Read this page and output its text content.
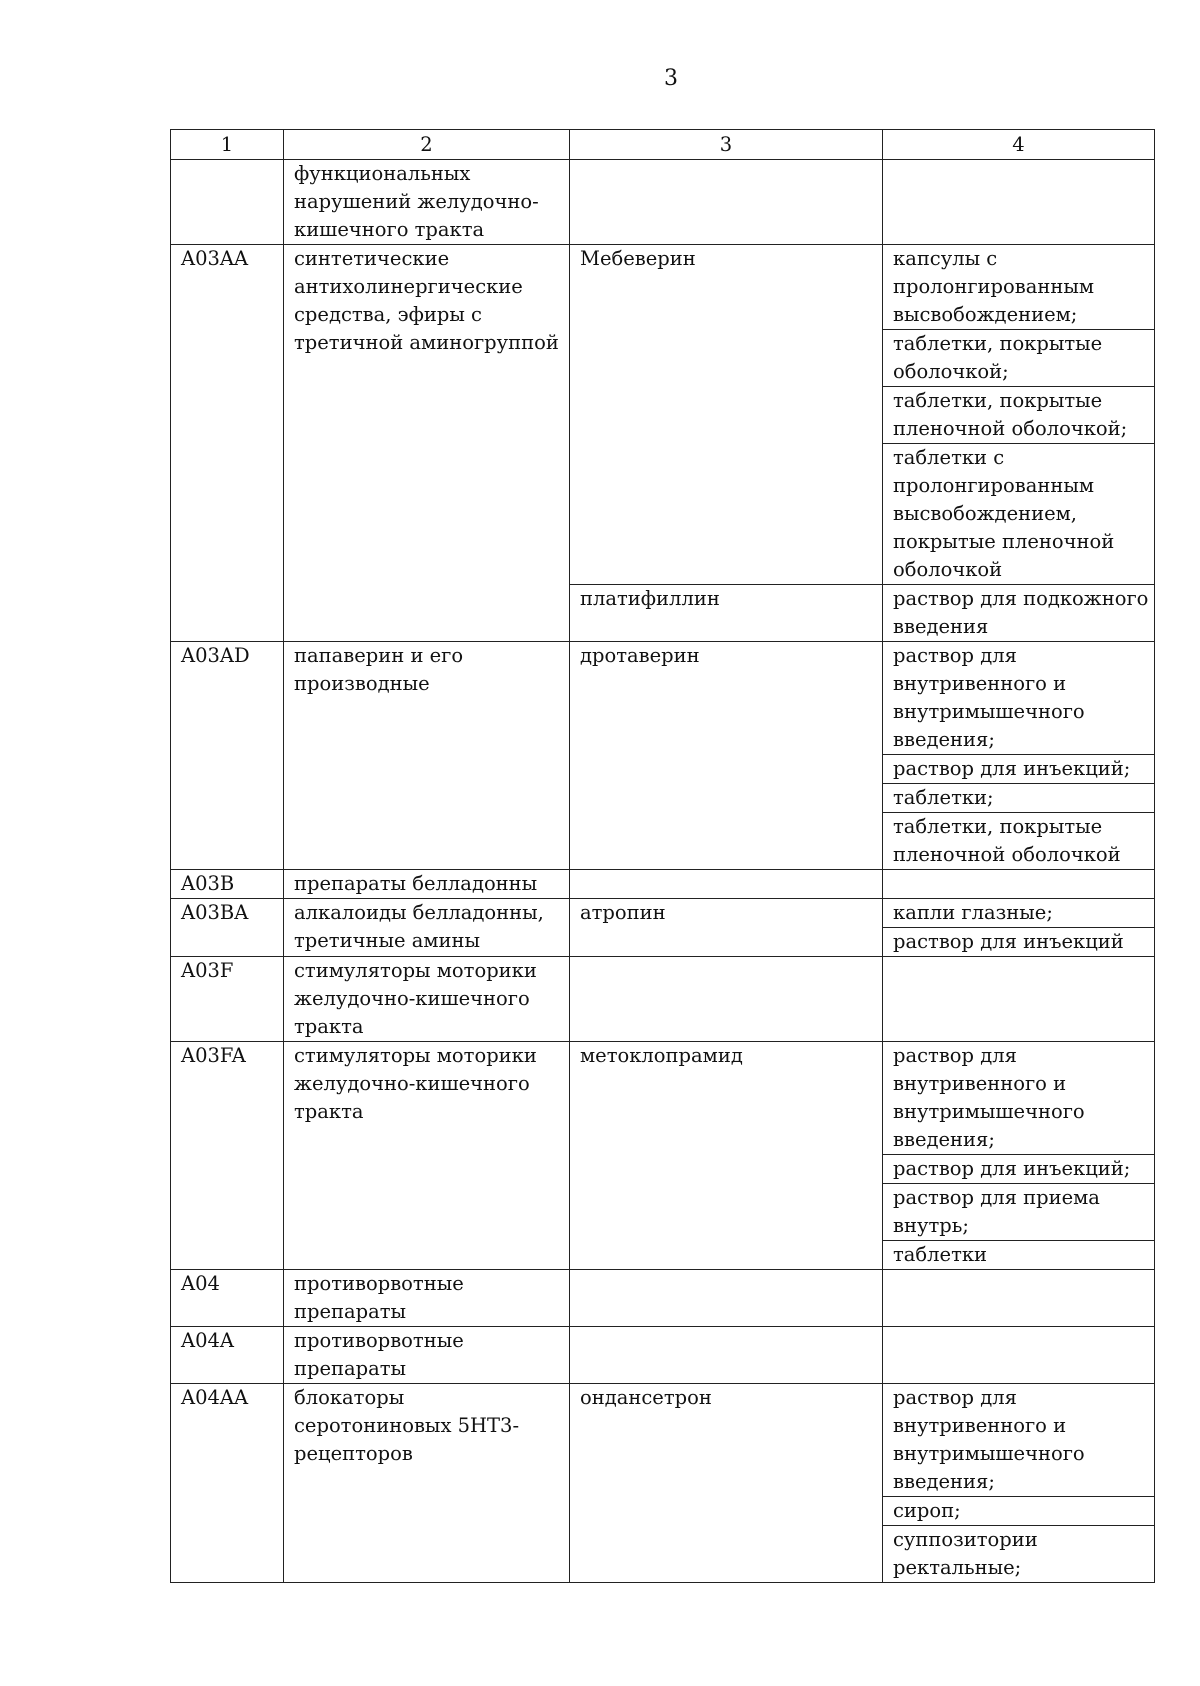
3
1	2	3	4
	функциональных нарушений желудочно-кишечного тракта		

A03AA	синтетические антихолинергические средства, эфиры с третичной аминогруппой	Мебеверин	капсулы с пролонгированным высвобождением;
таблетки, покрытые оболочкой;
таблетки, покрытые пленочной оболочкой;
таблетки с пролонгированным высвобождением, покрытые пленочной оболочкой

		платифиллин	раствор для подкожного введения

A03AD	папаверин и его производные	дротаверин	раствор для внутривенного и внутримышечного введения;
раствор для инъекций;
таблетки;
таблетки, покрытые пленочной оболочкой

A03B	препараты белладонны		

A03BA	алкалоиды белладонны, третичные амины	атропин	капли глазные;
раствор для инъекций

A03F	стимуляторы моторики желудочно-кишечного тракта		

A03FA	стимуляторы моторики желудочно-кишечного тракта	метоклопрамид	раствор для внутривенного и внутримышечного введения;
раствор для инъекций;
раствор для приема внутрь;
таблетки

A04	противорвотные препараты		

A04A	противорвотные препараты		

A04AA	блокаторы серотониновых 5HT3-рецепторов	ондансетрон	раствор для внутривенного и внутримышечного введения;
сироп;
суппозитории ректальные;
